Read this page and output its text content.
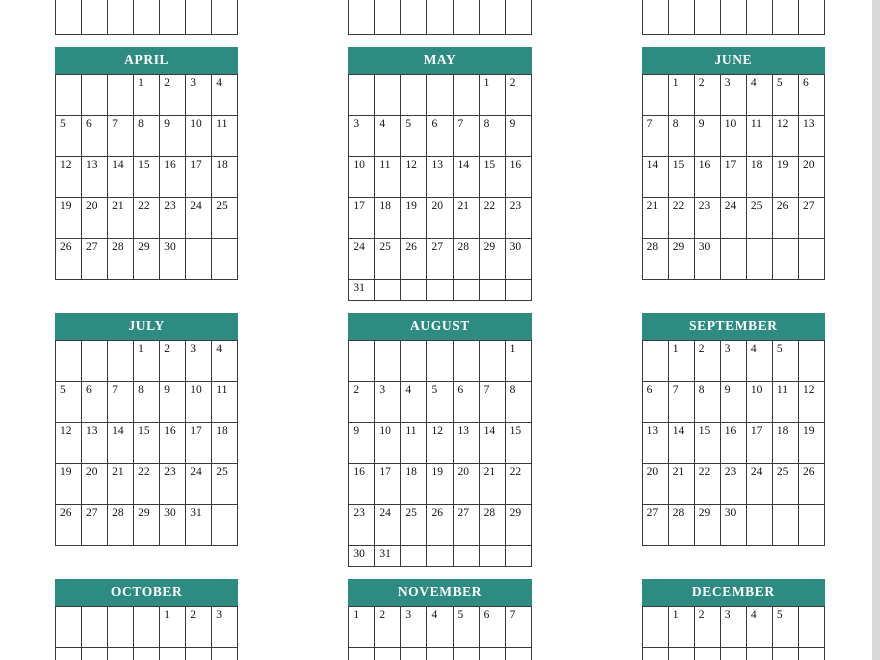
APRIL
			1	2	3	4
5	6	7	8	9	10	11
12	13	14	15	16	17	18
19	20	21	22	23	24	25
26	27	28	29	30		
MAY
					1	2
3	4	5	6	7	8	9
10	11	12	13	14	15	16
17	18	19	20	21	22	23
24	25	26	27	28	29	30
31						
JUNE
	1	2	3	4	5	6
7	8	9	10	11	12	13
14	15	16	17	18	19	20
21	22	23	24	25	26	27
28	29	30				
JULY
			1	2	3	4
5	6	7	8	9	10	11
12	13	14	15	16	17	18
19	20	21	22	23	24	25
26	27	28	29	30	31	
AUGUST
						1
2	3	4	5	6	7	8
9	10	11	12	13	14	15
16	17	18	19	20	21	22
23	24	25	26	27	28	29
30	31					
SEPTEMBER
	1	2	3	4	5	
6	7	8	9	10	11	12
13	14	15	16	17	18	19
20	21	22	23	24	25	26
27	28	29	30			
OCTOBER
				1	2	3

NOVEMBER
1	2	3	4	5	6	7

DECEMBER
	1	2	3	4	5	
